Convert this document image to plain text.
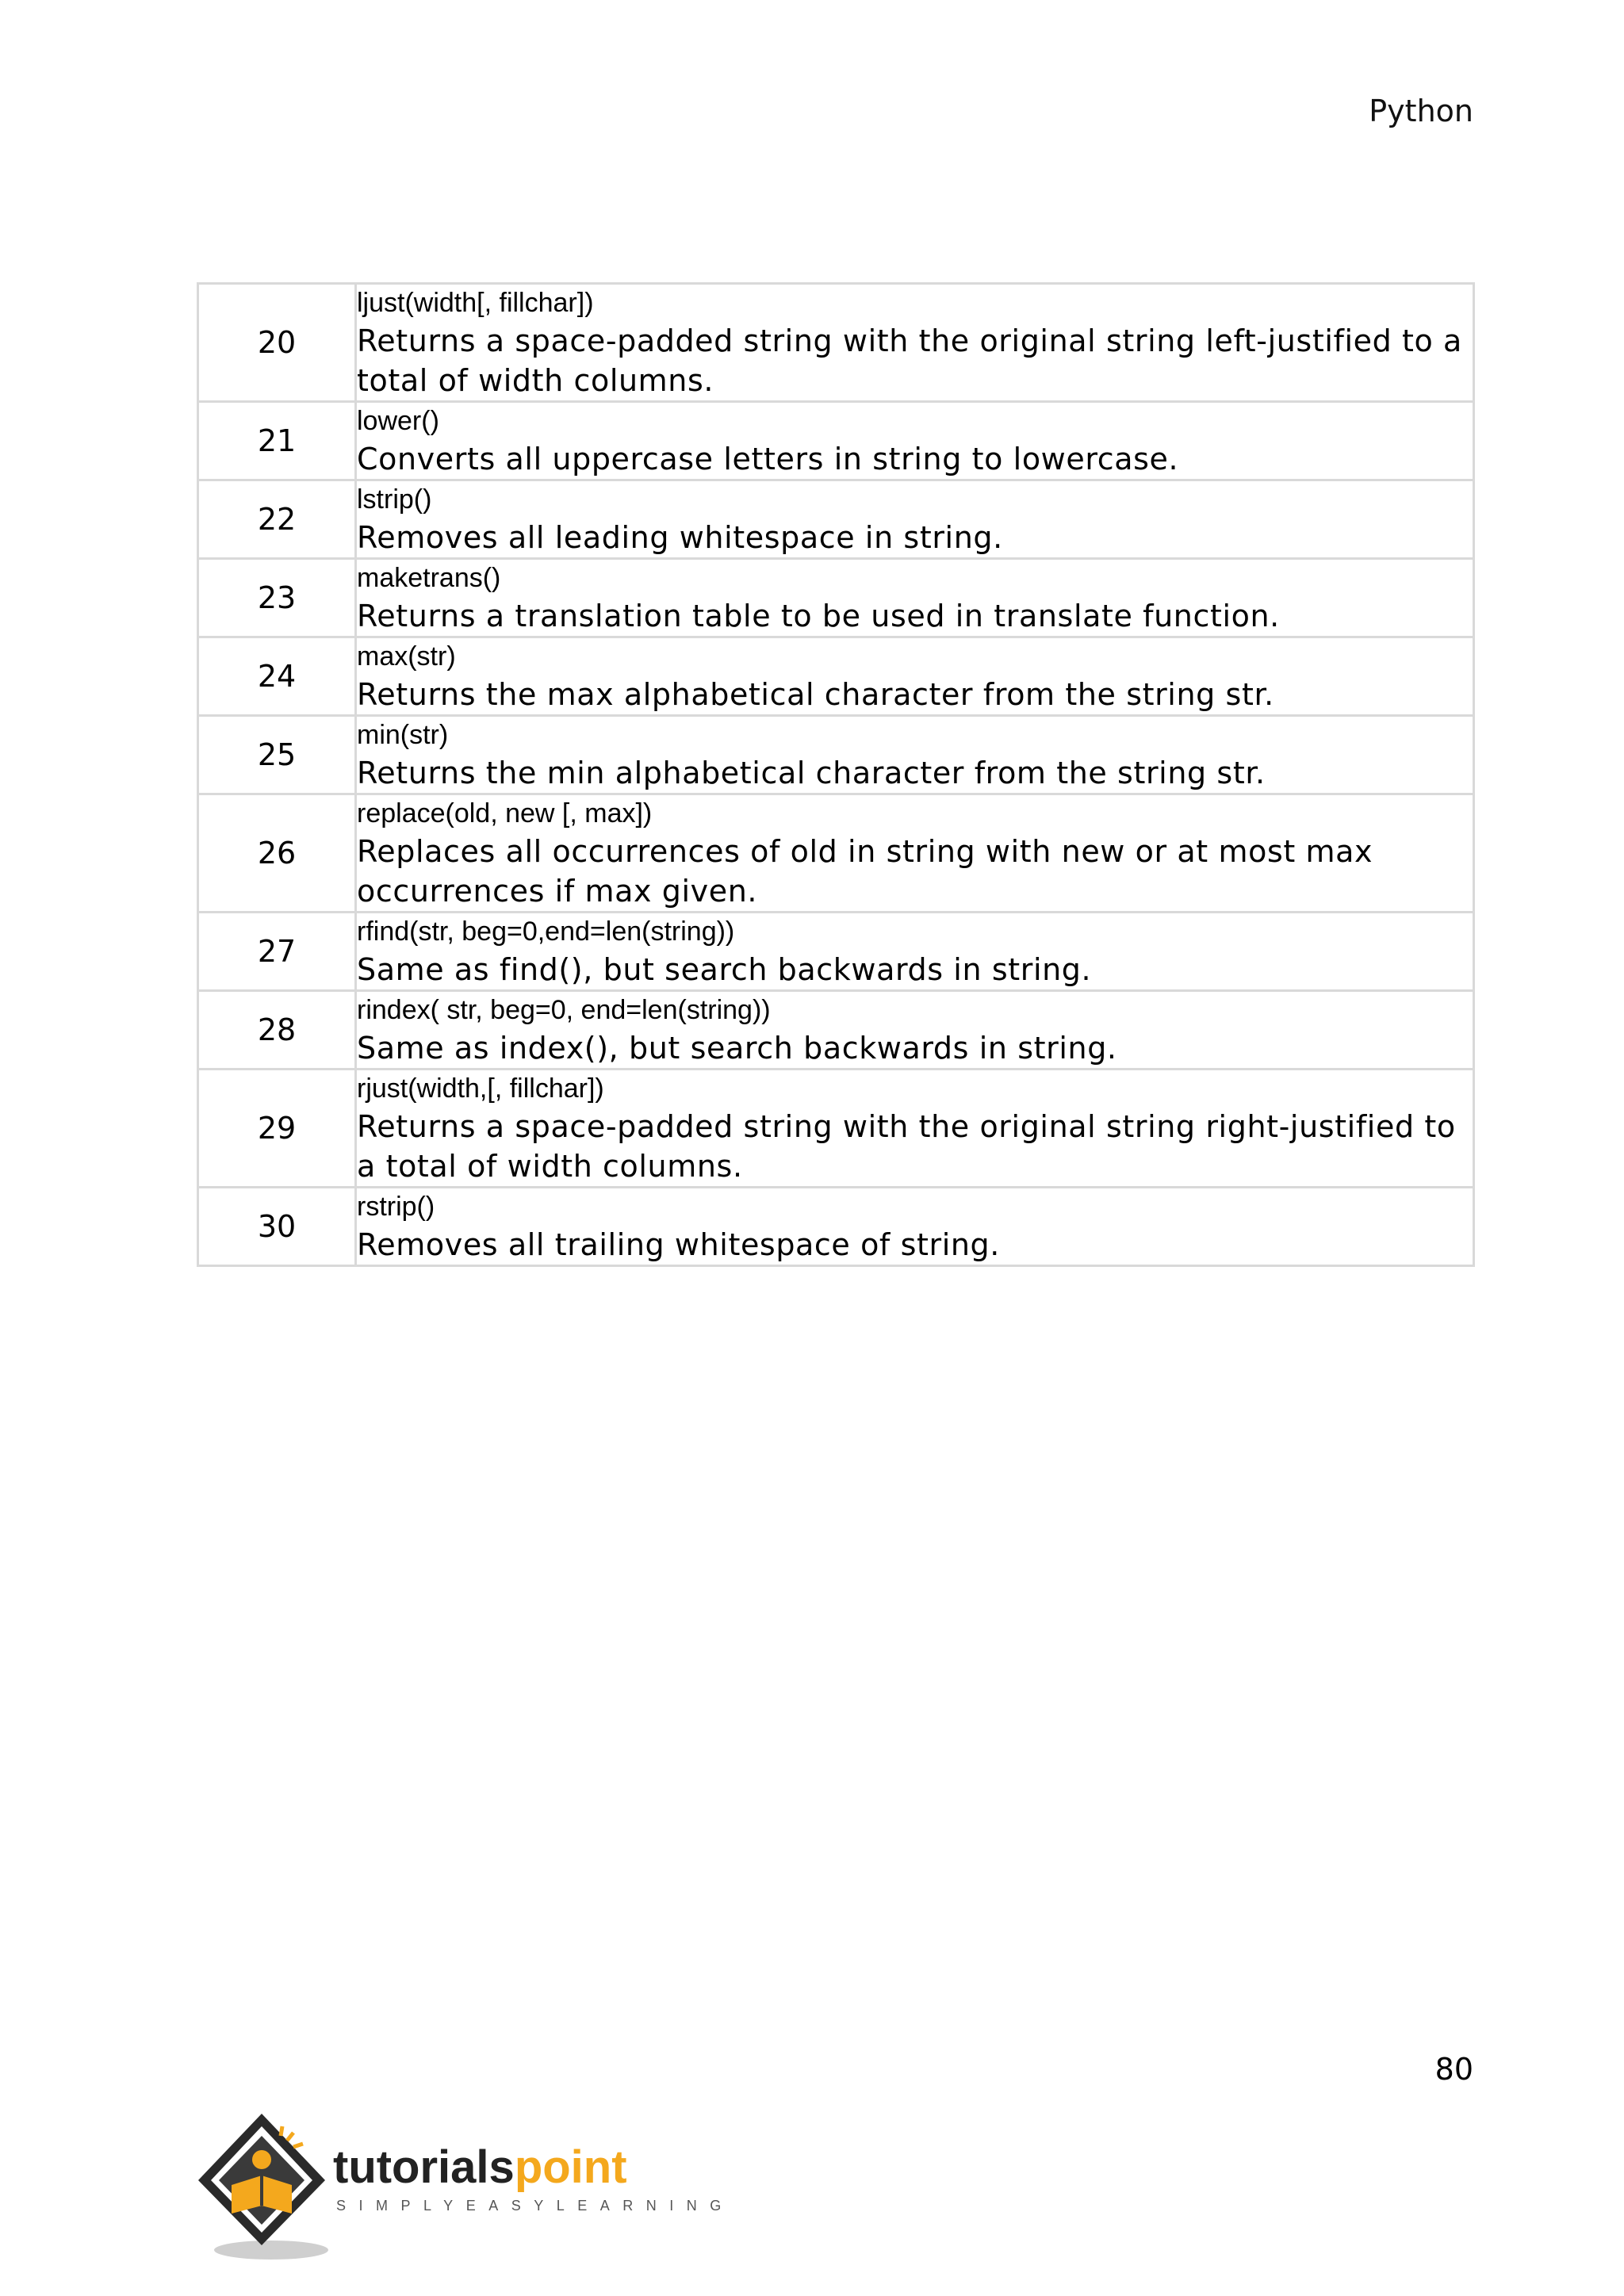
Python
20	ljust(width[, fillchar])
Returns a space-padded string with the original string left-justified to a
total of width columns.

21	lower()
Converts all uppercase letters in string to lowercase.

22	lstrip()
Removes all leading whitespace in string.

23	maketrans()
Returns a translation table to be used in translate function.

24	max(str)
Returns the max alphabetical character from the string str.

25	min(str)
Returns the min alphabetical character from the string str.

26	replace(old, new [, max])
Replaces all occurrences of old in string with new or at most max
occurrences if max given.

27	rfind(str, beg=0,end=len(string))
Same as find(), but search backwards in string.

28	rindex( str, beg=0, end=len(string))
Same as index(), but search backwards in string.

29	rjust(width,[, fillchar])
Returns a space-padded string with the original string right-justified to
a total of width columns.

30	rstrip()
Removes all trailing whitespace of string.
80
tutorialspoint
SIMPLYEASYLEARNING
